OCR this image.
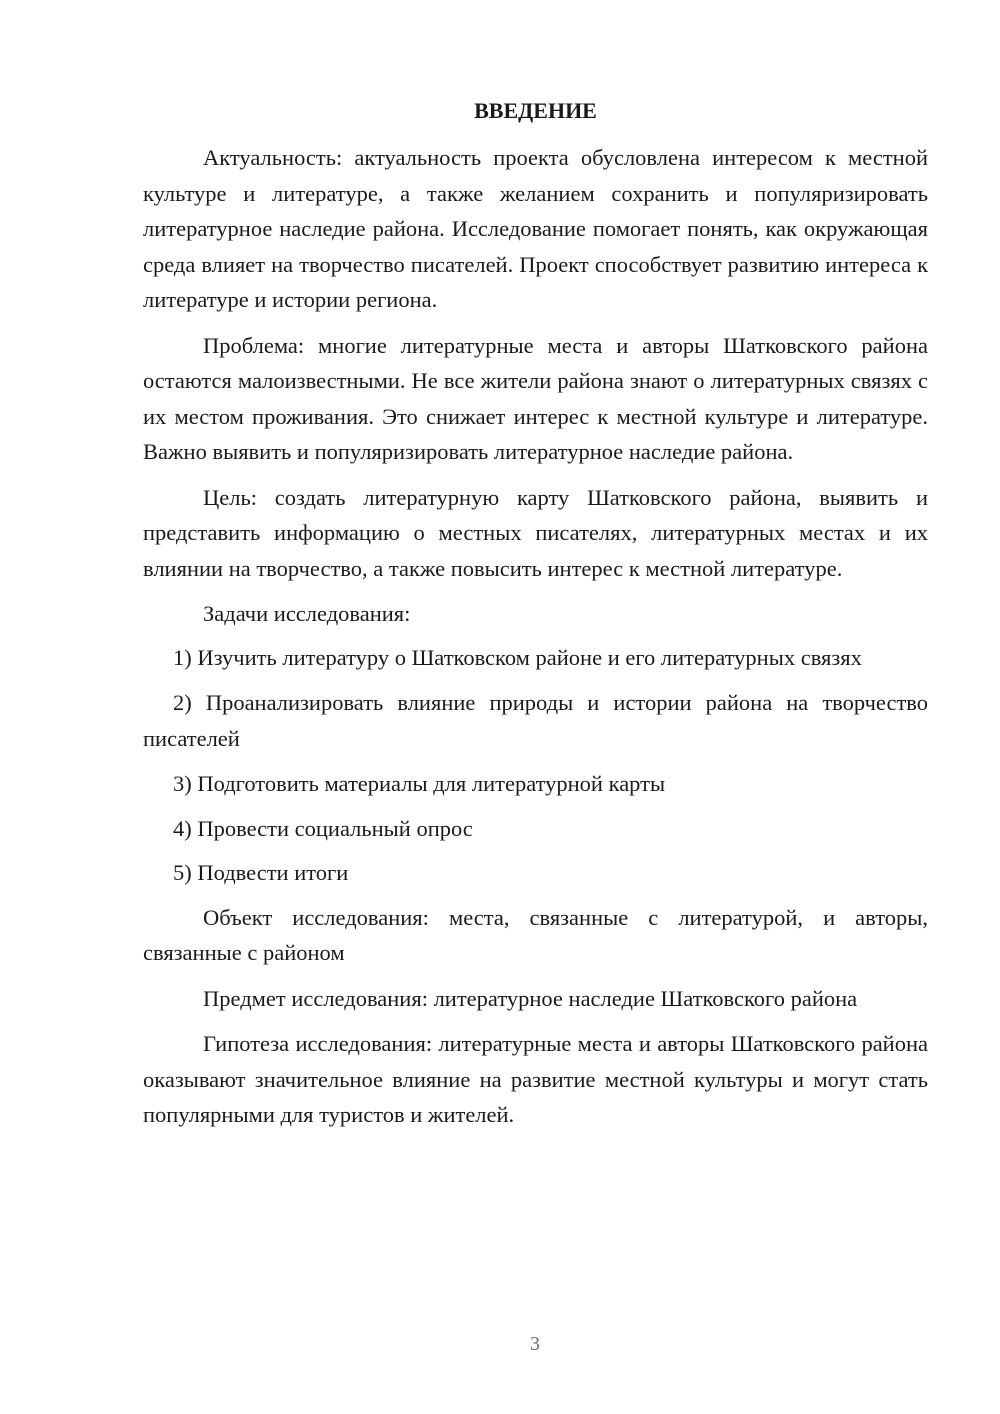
ВВЕДЕНИЕ

Актуальность: актуальность проекта обусловлена интересом к местной культуре и литературе, а также желанием сохранить и популяризировать литературное наследие района. Исследование помогает понять, как окружающая среда влияет на творчество писателей. Проект способствует развитию интереса к литературе и истории региона.

Проблема: многие литературные места и авторы Шатковского района остаются малоизвестными. Не все жители района знают о литературных связях с их местом проживания. Это снижает интерес к местной культуре и литературе. Важно выявить и популяризировать литературное наследие района.

Цель: создать литературную карту Шатковского района, выявить и представить информацию о местных писателях, литературных местах и их влиянии на творчество, а также повысить интерес к местной литературе.

Задачи исследования:

1) Изучить литературу о Шатковском районе и его литературных связях

2) Проанализировать влияние природы и истории района на творчество писателей

3) Подготовить материалы для литературной карты

4) Провести социальный опрос

5) Подвести итоги

Объект исследования: места, связанные с литературой, и авторы, связанные с районом

Предмет исследования: литературное наследие Шатковского района

Гипотеза исследования: литературные места и авторы Шатковского района оказывают значительное влияние на развитие местной культуры и могут стать популярными для туристов и жителей.

3
